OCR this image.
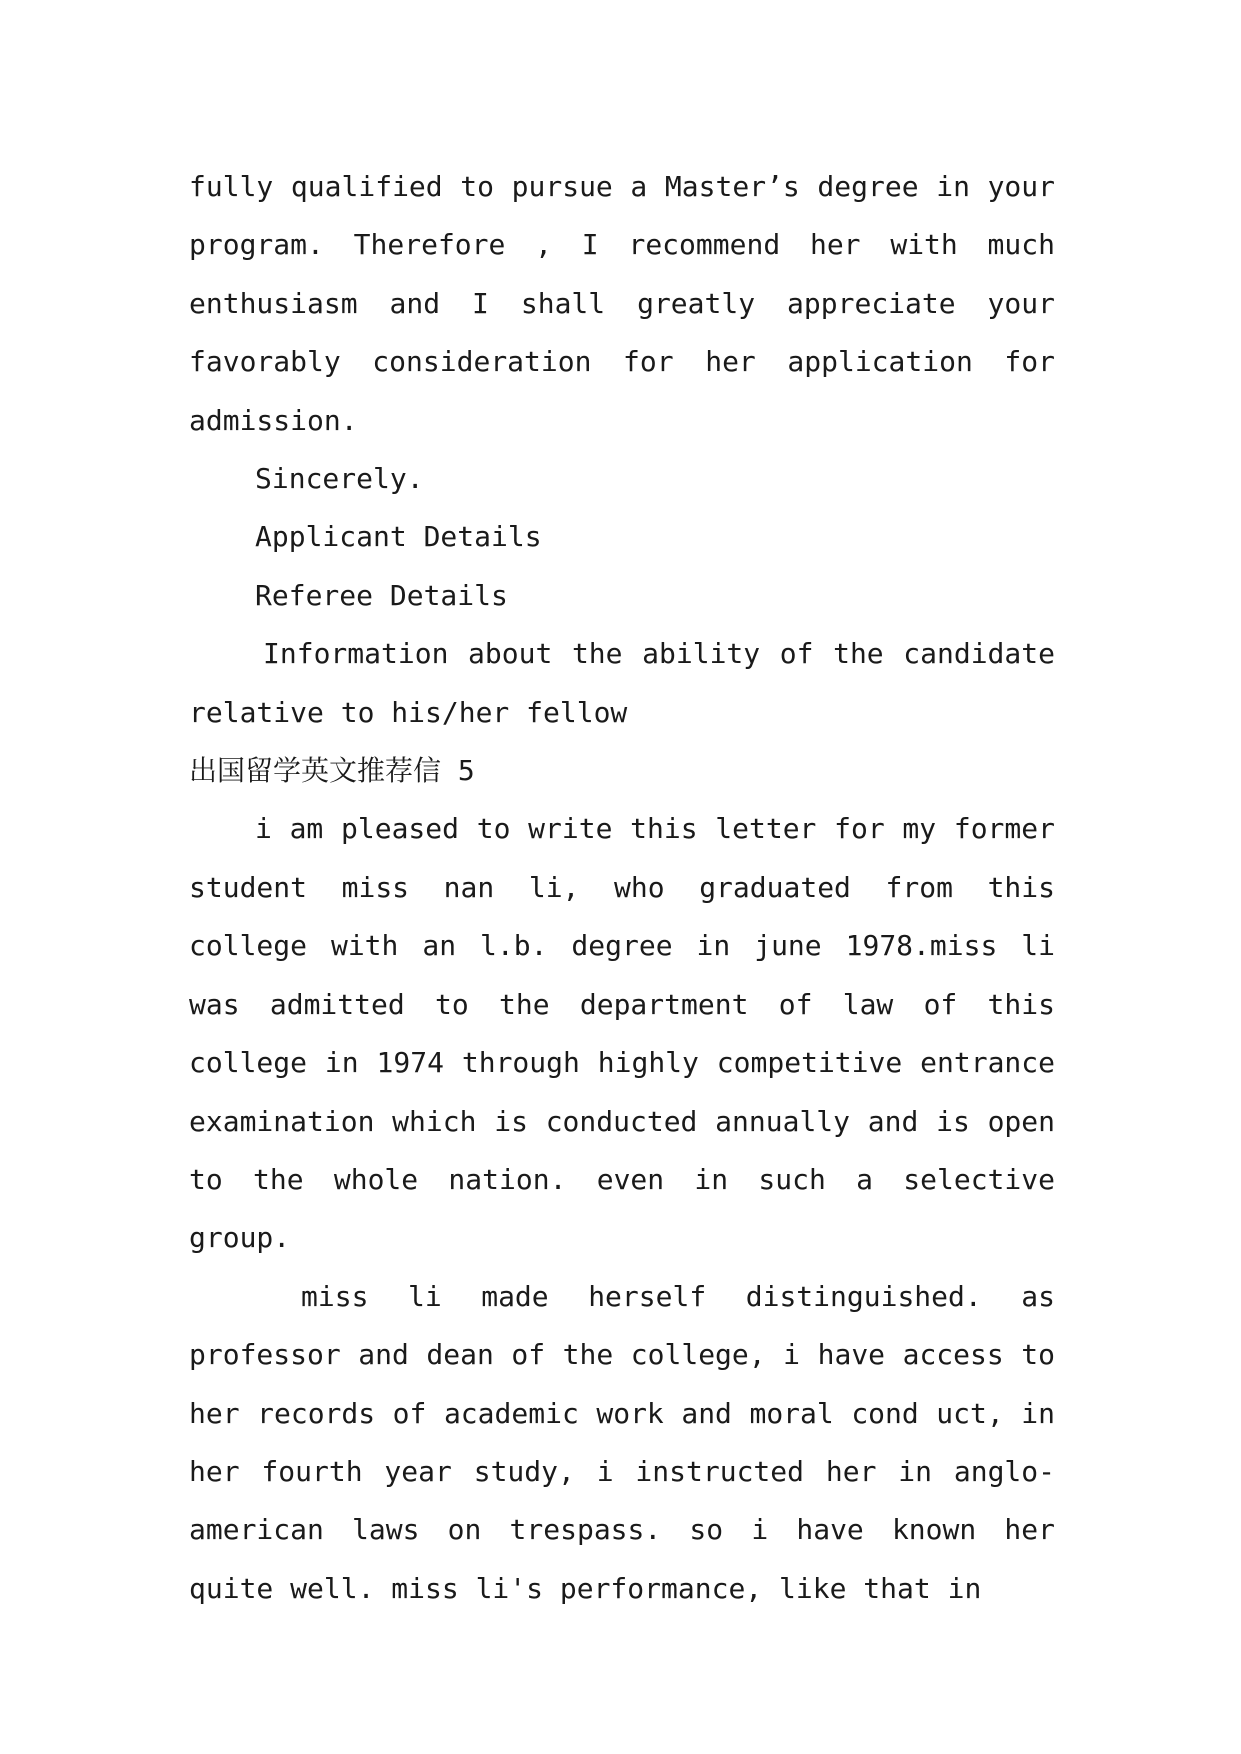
fully qualified to pursue a Master’s degree in your program. Therefore , I recommend her with much enthusiasm and I shall greatly appreciate your favorably consideration for her application for admission.

Sincerely.

Applicant Details

Referee Details

Information about the ability of the candidate relative to his/her fellow

出国留学英文推荐信 5

i am pleased to write this letter for my former student miss nan li, who graduated from this college with an l.b. degree in june 1978.miss li was admitted to the department of law of this college in 1974 through highly competitive entrance examination which is conducted annually and is open to the whole nation. even in such a selective group.

miss li made herself distinguished. as professor and dean of the college, i have access to her records of academic work and moral cond uct, in her fourth year study, i instructed her in anglo-american laws on trespass. so i have known her quite well. miss li's performance, like that in
